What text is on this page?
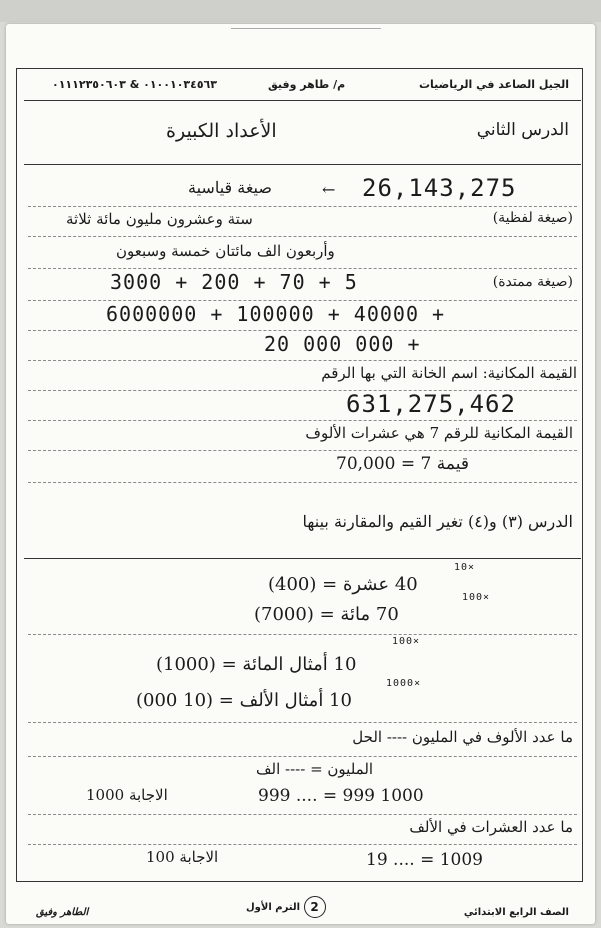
الجيل الصاعد في الرياضيات
م/ طاهر وفيق
٠١٠٠١٠٣٤٥٦٣ & ٠١١١٢٣٥٠٦٠٣
الدرس الثاني
الأعداد الكبيرة
26,143,275
صيغة قياسية	←
(صيغة لفظية)
ستة وعشرون مليون مائة ثلاثة
وأربعون الف مائتان خمسة وسبعون
(صيغة ممتدة)
3000 + 200 + 70 + 5
6000000 + 100000 + 40000 +
20 000 000 +
القيمة المكانية: اسم الخانة التي بها الرقم
631,275,462
القيمة المكانية للرقم 7 هي عشرات الألوف
قيمة 7 = 70,000
الدرس (٣) و(٤) تغير القيم والمقارنة بينها
10×
40 عشرة = (400)
100×
70 مائة = (7000)
100×
10 أمثال المائة = (1000)
1000×
10 أمثال الألف = (10 000)
ما عدد الألوف في المليون ---- الحل
المليون = ---- الف
1000 999 = .... 999
الاجابة 1000
ما عدد العشرات في الألف
1009 = .... 19
الاجابة 100
الصف الرابع الابتدائي
الترم الأول 2
الطاهر وفيق
